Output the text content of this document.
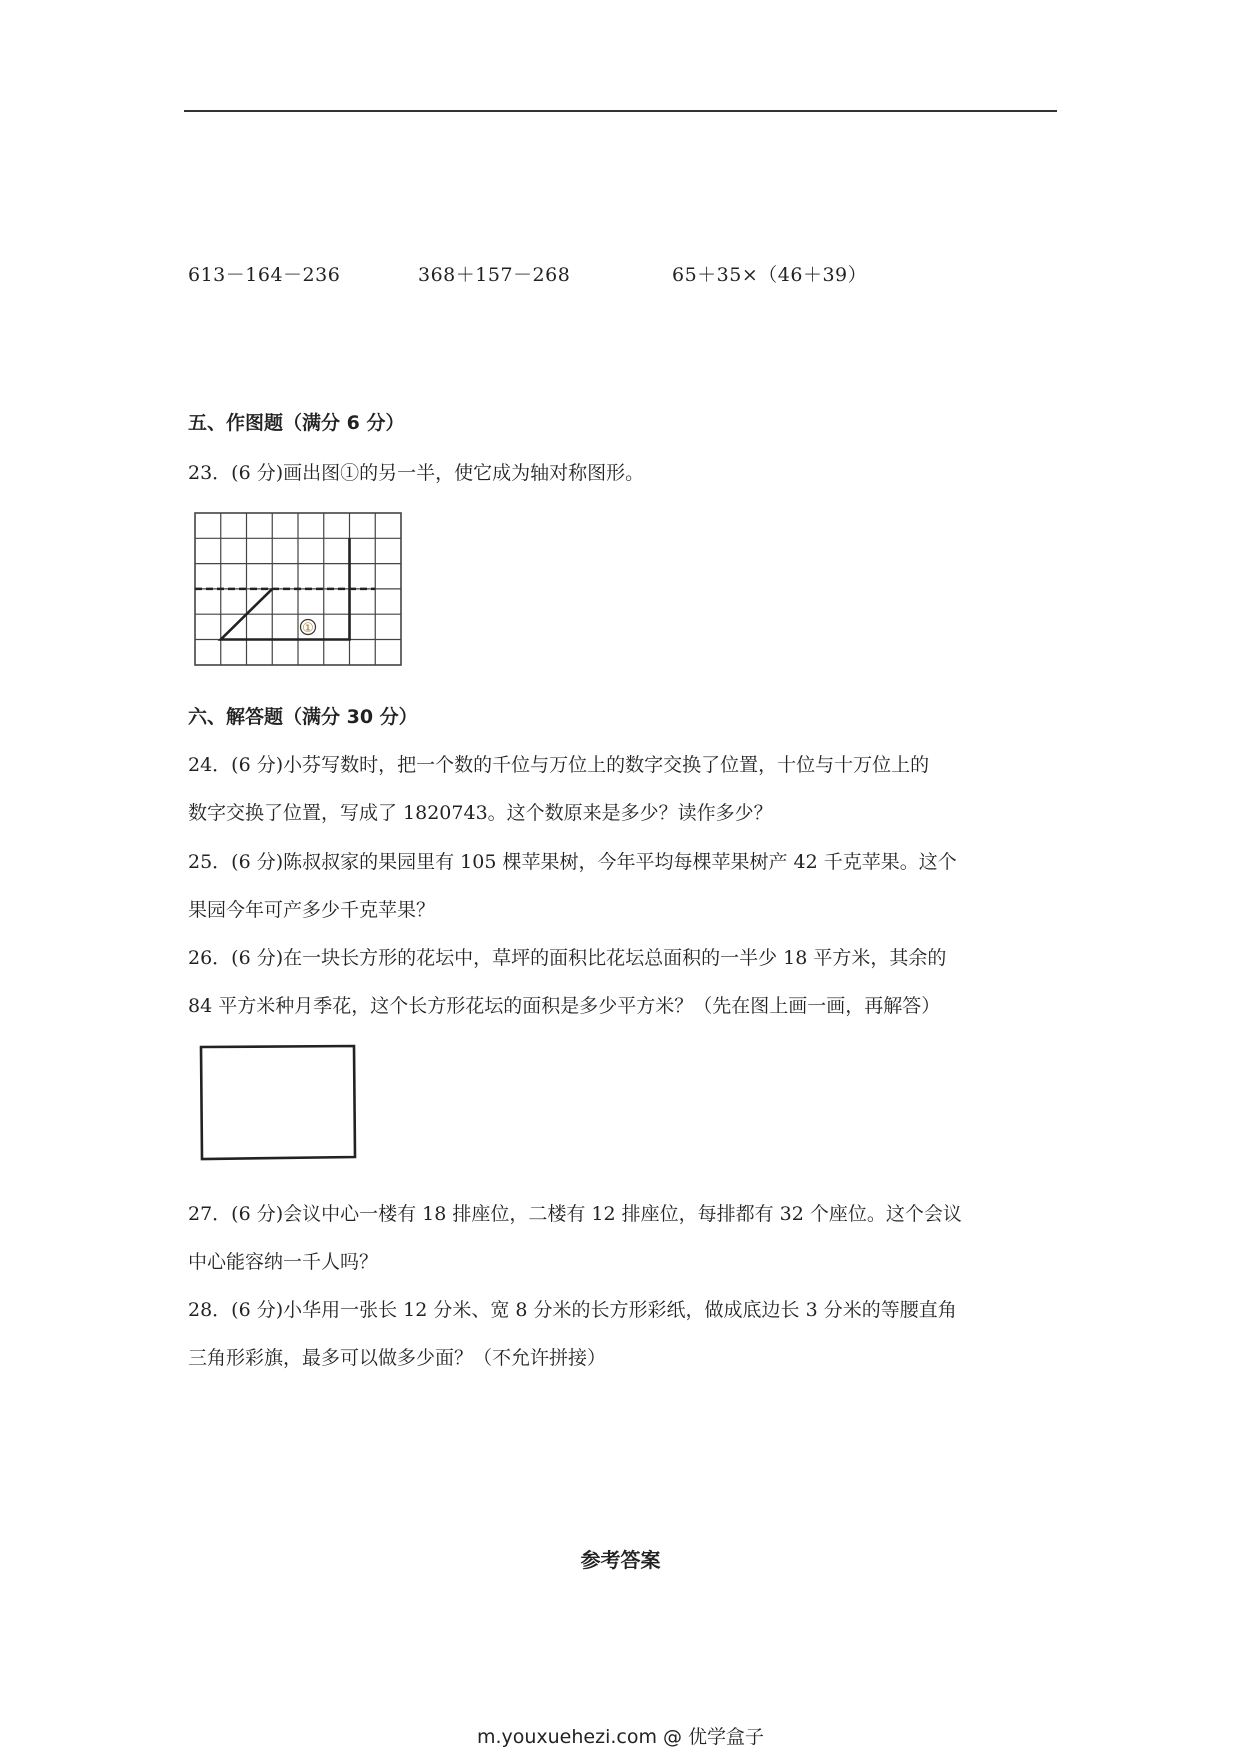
613－164－236	368＋157－268	65＋35×（46＋39）
五、作图题（满分 6 分）
23．(6 分)画出图①的另一半，使它成为轴对称图形。
①
六、解答题（满分 30 分）
24．(6 分)小芬写数时，把一个数的千位与万位上的数字交换了位置，十位与十万位上的
数字交换了位置，写成了 1820743。这个数原来是多少？读作多少？
25．(6 分)陈叔叔家的果园里有 105 棵苹果树，今年平均每棵苹果树产 42 千克苹果。这个
果园今年可产多少千克苹果？
26．(6 分)在一块长方形的花坛中，草坪的面积比花坛总面积的一半少 18 平方米，其余的
84 平方米种月季花，这个长方形花坛的面积是多少平方米？（先在图上画一画，再解答）
27．(6 分)会议中心一楼有 18 排座位，二楼有 12 排座位，每排都有 32 个座位。这个会议
中心能容纳一千人吗？
28．(6 分)小华用一张长 12 分米、宽 8 分米的长方形彩纸，做成底边长 3 分米的等腰直角
三角形彩旗，最多可以做多少面？（不允许拼接）
参考答案
m.youxuehezi.com @ 优学盒子
